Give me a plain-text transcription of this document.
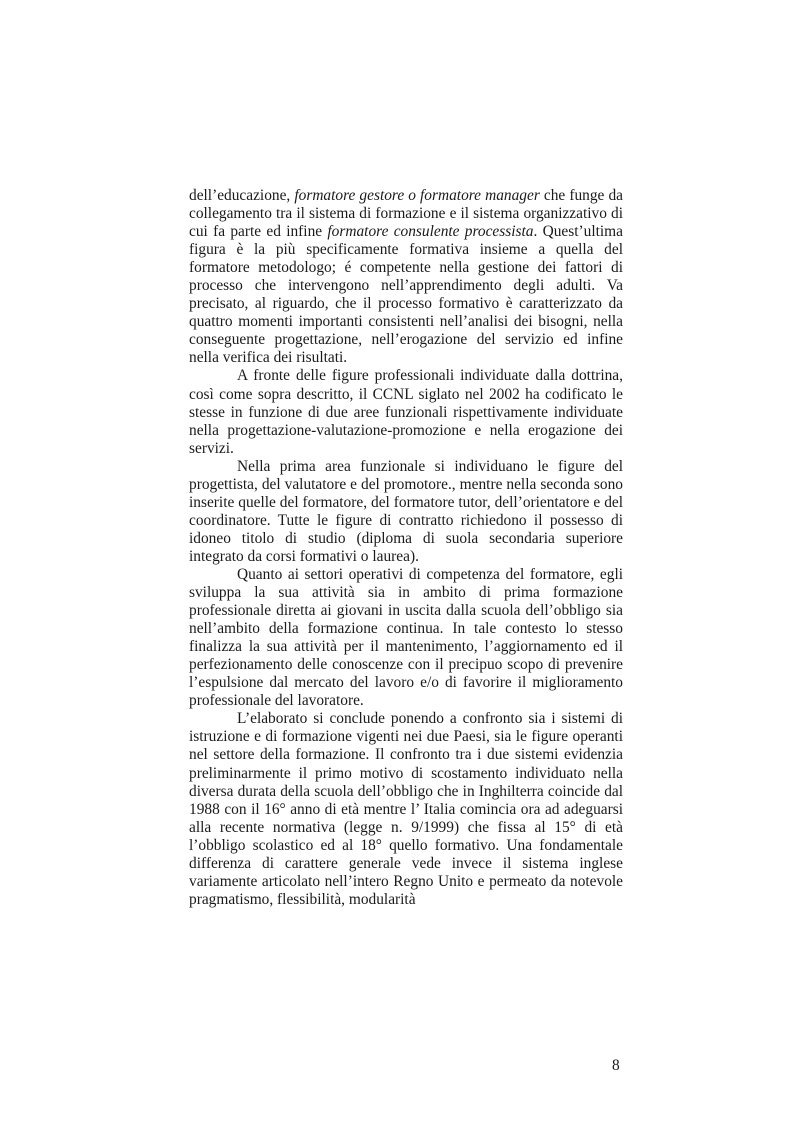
dell’educazione, formatore gestore o formatore manager che funge da collegamento tra il sistema di formazione e il sistema organizzativo di cui fa parte ed infine formatore consulente processista. Quest’ultima figura è la più specificamente formativa insieme a quella del formatore metodologo; é competente nella gestione dei fattori di processo che intervengono nell’apprendimento degli adulti. Va precisato, al riguardo, che il processo formativo è caratterizzato da quattro momenti importanti consistenti nell’analisi dei bisogni, nella conseguente progettazione, nell’erogazione del servizio ed infine nella verifica dei risultati.

A fronte delle figure professionali individuate dalla dottrina, così come sopra descritto, il CCNL siglato nel 2002 ha codificato le stesse in funzione di due aree funzionali rispettivamente individuate nella progettazione-valutazione-promozione e nella erogazione dei servizi.

Nella prima area funzionale si individuano le figure del progettista, del valutatore e del promotore., mentre nella seconda sono inserite quelle del formatore, del formatore tutor, dell’orientatore e del coordinatore. Tutte le figure di contratto richiedono il possesso di idoneo titolo di studio (diploma di suola secondaria superiore integrato da corsi formativi o laurea).

Quanto ai settori operativi di competenza del formatore, egli sviluppa la sua attività sia in ambito di prima formazione professionale diretta ai giovani in uscita dalla scuola dell’obbligo sia nell’ambito della formazione continua. In tale contesto lo stesso finalizza la sua attività per il mantenimento, l’aggiornamento ed il perfezionamento delle conoscenze con il precipuo scopo di prevenire l’espulsione dal mercato del lavoro e/o di favorire il miglioramento professionale del lavoratore.

L’elaborato si conclude ponendo a confronto sia i sistemi di istruzione e di formazione vigenti nei due Paesi, sia le figure operanti nel settore della formazione. Il confronto tra i due sistemi evidenzia preliminarmente il primo motivo di scostamento individuato nella diversa durata della scuola dell’obbligo che in Inghilterra coincide dal 1988 con il 16° anno di età mentre l’ Italia comincia ora ad adeguarsi alla recente normativa (legge n. 9/1999) che fissa al 15° di età l’obbligo scolastico ed al 18° quello formativo. Una fondamentale differenza di carattere generale vede invece il sistema inglese variamente articolato nell’intero Regno Unito e permeato da notevole pragmatismo, flessibilità, modularità

8
